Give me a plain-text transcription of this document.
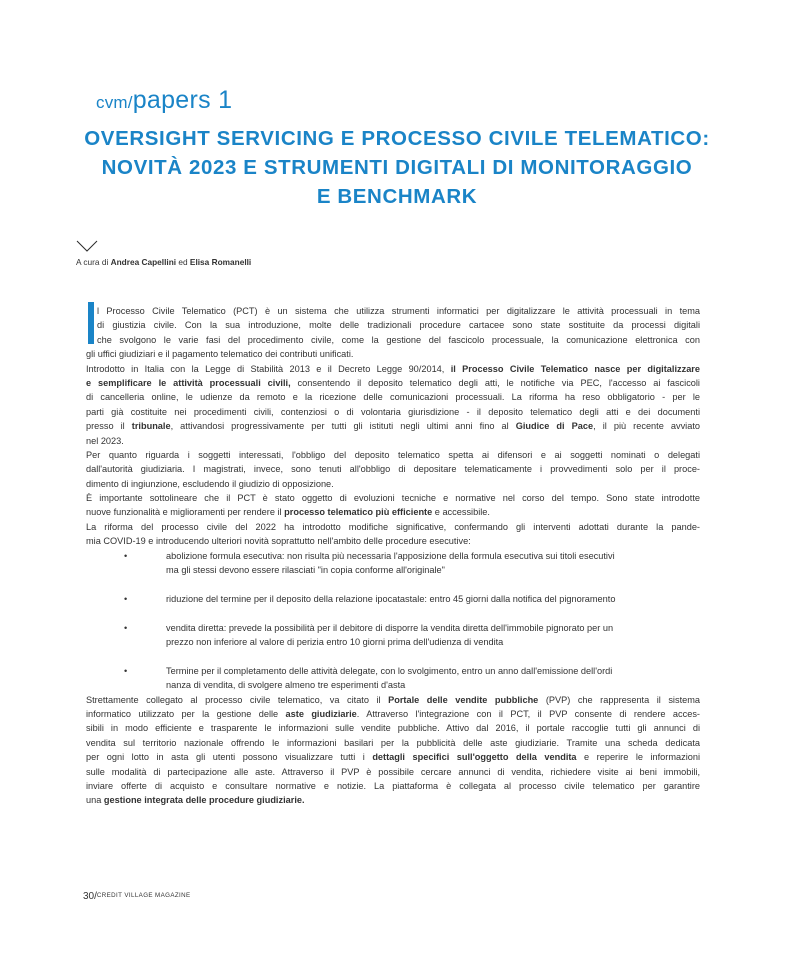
cvm/papers 1
OVERSIGHT SERVICING E PROCESSO CIVILE TELEMATICO:
NOVITÀ 2023 E STRUMENTI DIGITALI DI MONITORAGGIO
E BENCHMARK
A cura di Andrea Capellini ed Elisa Romanelli
l Processo Civile Telematico (PCT) è un sistema che utilizza strumenti informatici per digitalizzare le attività processuali in tema
di giustizia civile. Con la sua introduzione, molte delle tradizionali procedure cartacee sono state sostituite da processi digitali
che svolgono le varie fasi del procedimento civile, come la gestione del fascicolo processuale, la comunicazione elettronica con
gli uffici giudiziari e il pagamento telematico dei contributi unificati.
Introdotto in Italia con la Legge di Stabilità 2013 e il Decreto Legge 90/2014, il Processo Civile Telematico nasce per digitalizzare
e semplificare le attività processuali civili, consentendo il deposito telematico degli atti, le notifiche via PEC, l'accesso ai fascicoli
di cancelleria online, le udienze da remoto e la ricezione delle comunicazioni processuali. La riforma ha reso obbligatorio - per le
parti già costituite nei procedimenti civili, contenziosi o di volontaria giurisdizione - il deposito telematico degli atti e dei documenti
presso il tribunale, attivandosi progressivamente per tutti gli istituti negli ultimi anni fino al Giudice di Pace, il più recente avviato
nel 2023.
Per quanto riguarda i soggetti interessati, l'obbligo del deposito telematico spetta ai difensori e ai soggetti nominati o delegati
dall'autorità giudiziaria. I magistrati, invece, sono tenuti all'obbligo di depositare telematicamente i provvedimenti solo per il proce-
dimento di ingiunzione, escludendo il giudizio di opposizione.
È importante sottolineare che il PCT è stato oggetto di evoluzioni tecniche e normative nel corso del tempo. Sono state introdotte
nuove funzionalità e miglioramenti per rendere il processo telematico più efficiente e accessibile.
La riforma del processo civile del 2022 ha introdotto modifiche significative, confermando gli interventi adottati durante la pande-
mia COVID-19 e introducendo ulteriori novità soprattutto nell'ambito delle procedure esecutive:
•	abolizione formula esecutiva: non risulta più necessaria l'apposizione della formula esecutiva sui titoli esecutivi
ma gli stessi devono essere rilasciati "in copia conforme all'originale"
•	riduzione del termine per il deposito della relazione ipocatastale: entro 45 giorni dalla notifica del pignoramento
•	vendita diretta: prevede la possibilità per il debitore di disporre la vendita diretta dell'immobile pignorato per un
prezzo non inferiore al valore di perizia entro 10 giorni prima dell'udienza di vendita
•	Termine per il completamento delle attività delegate, con lo svolgimento, entro un anno dall'emissione dell'ordi
nanza di vendita, di svolgere almeno tre esperimenti d'asta
Strettamente collegato al processo civile telematico, va citato il Portale delle vendite pubbliche (PVP) che rappresenta il sistema
informatico utilizzato per la gestione delle aste giudiziarie. Attraverso l'integrazione con il PCT, il PVP consente di rendere acces-
sibili in modo efficiente e trasparente le informazioni sulle vendite pubbliche. Attivo dal 2016, il portale raccoglie tutti gli annunci di
vendita sul territorio nazionale offrendo le informazioni basilari per la pubblicità delle aste giudiziarie. Tramite una scheda dedicata
per ogni lotto in asta gli utenti possono visualizzare tutti i dettagli specifici sull'oggetto della vendita e reperire le informazioni
sulle modalità di partecipazione alle aste. Attraverso il PVP è possibile cercare annunci di vendita, richiedere visite ai beni immobili,
inviare offerte di acquisto e consultare normative e notizie. La piattaforma è collegata al processo civile telematico per garantire
una gestione integrata delle procedure giudiziarie.
30/CREDIT VILLAGE MAGAZINE
